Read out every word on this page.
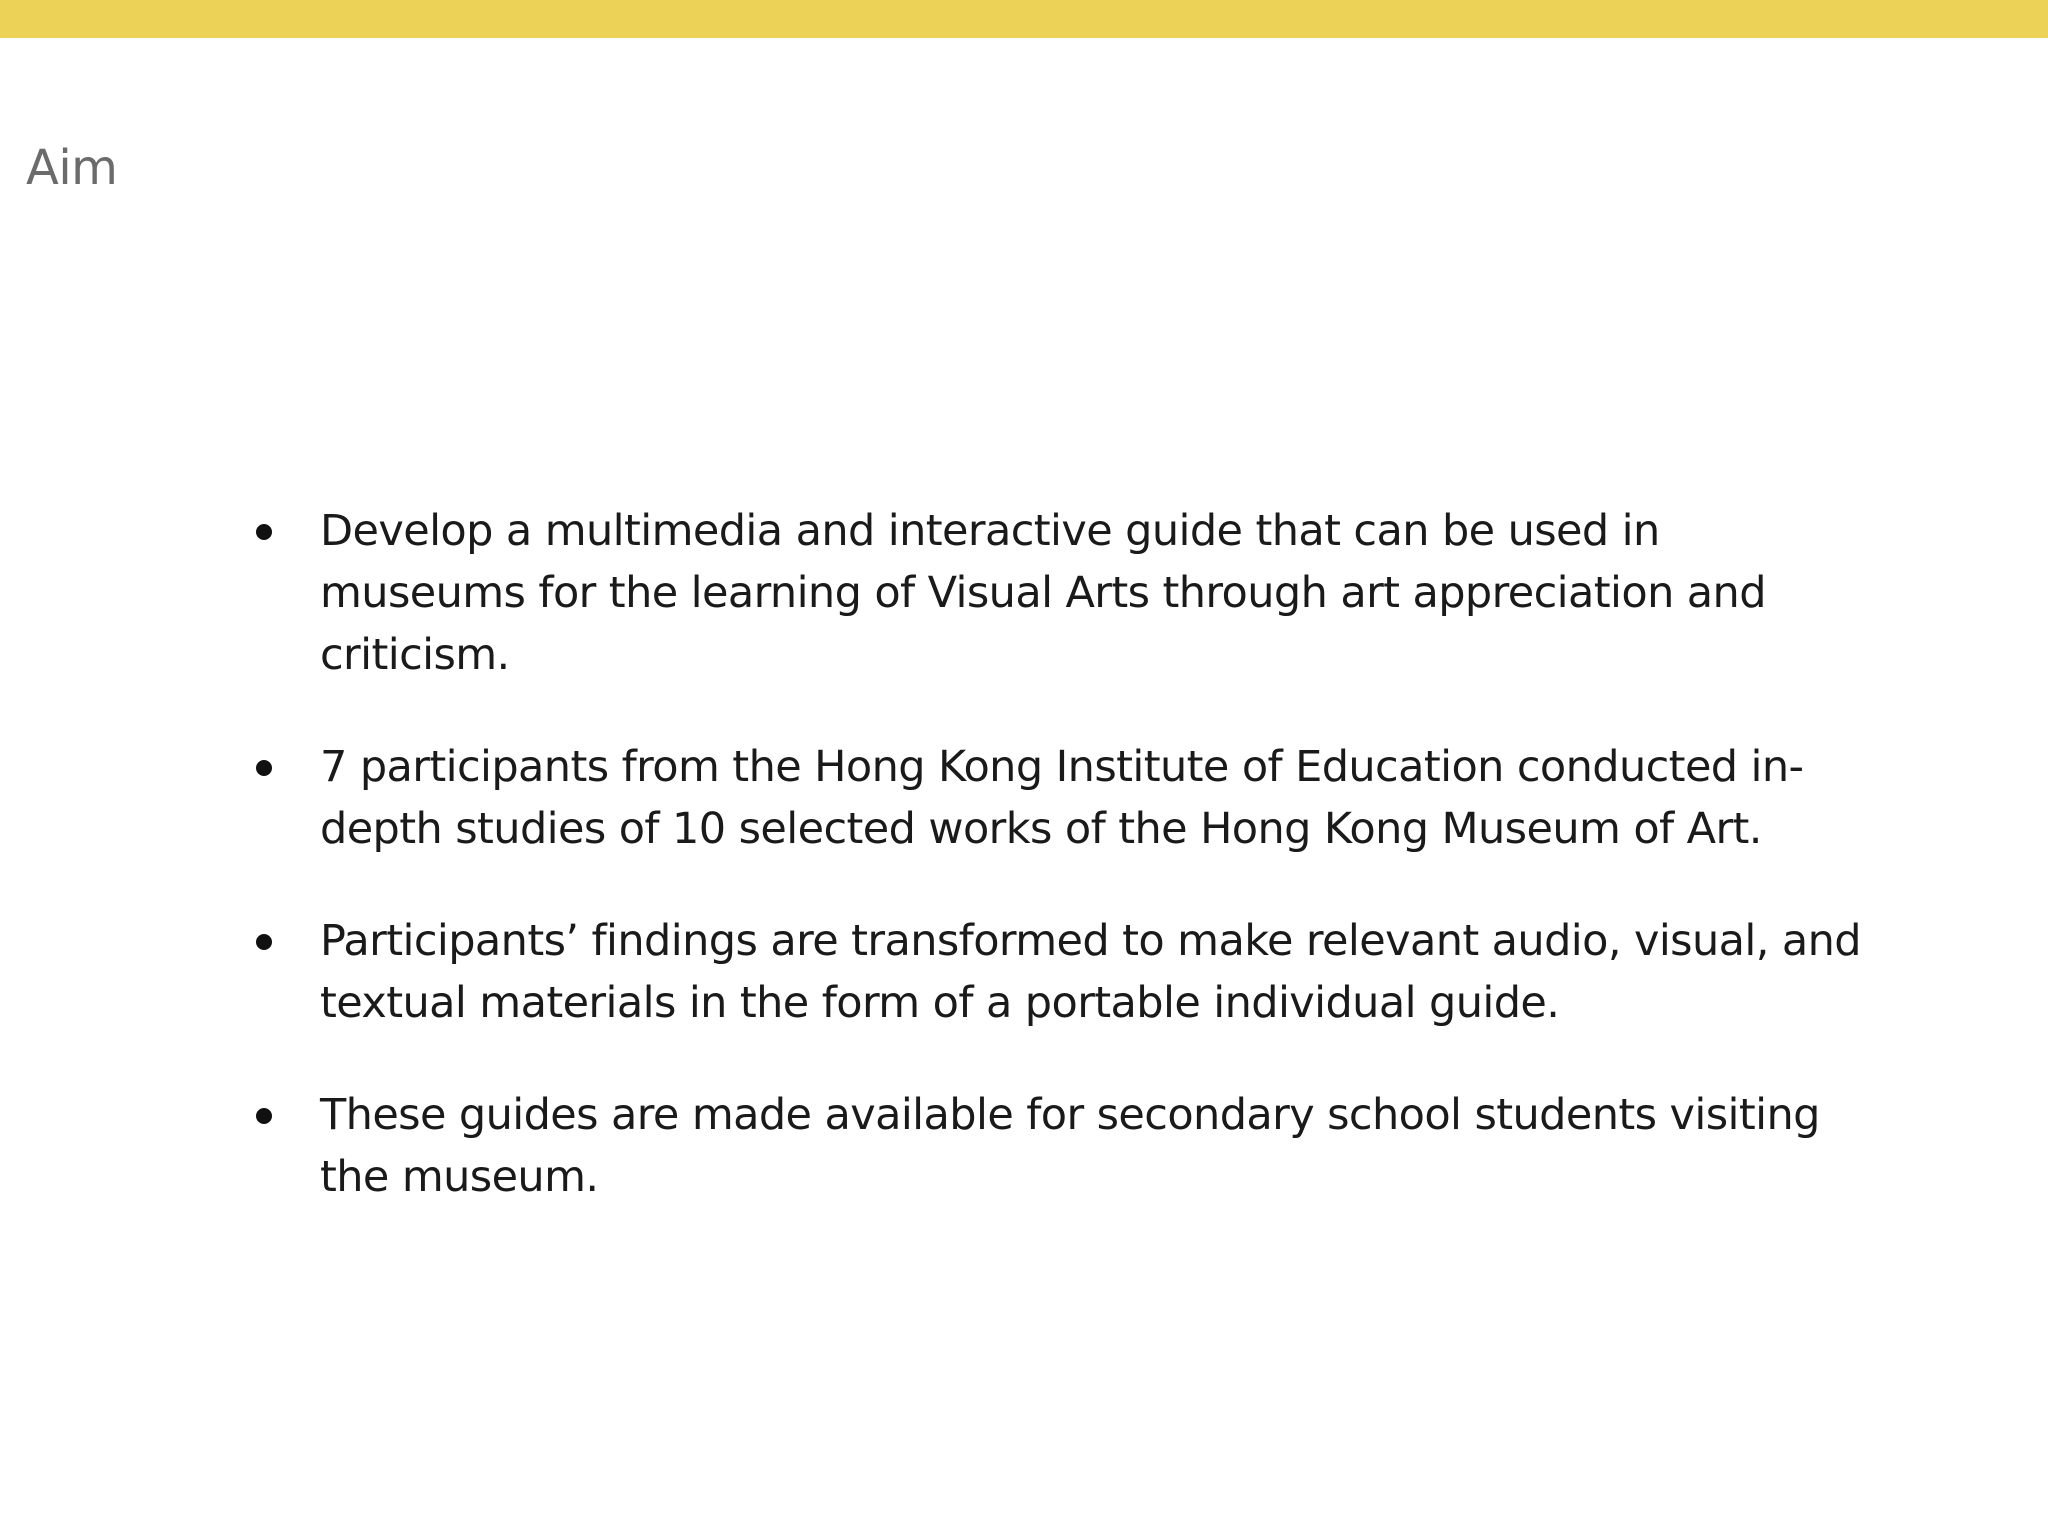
Aim
Develop a multimedia and interactive guide that can be used in museums for the learning of Visual Arts through art appreciation and criticism.
7 participants from the Hong Kong Institute of Education conducted in-depth studies of 10 selected works of the Hong Kong Museum of Art.
Participants’ findings are transformed to make relevant audio, visual, and textual materials in the form of a portable individual guide.
These guides are made available for secondary school students visiting the museum.
